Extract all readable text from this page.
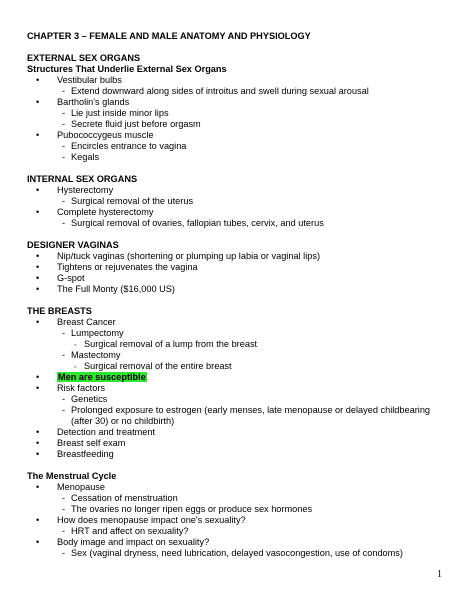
1
CHAPTER 3 – FEMALE AND MALE ANATOMY AND PHYSIOLOGY
EXTERNAL SEX ORGANS
Structures That Underlie External Sex Organs
• Vestibular bulbs
- Extend downward along sides of introitus and swell during sexual arousal
• Bartholin's glands
- Lie just inside minor lips
- Secrete fluid just before orgasm
• Pubococcygeus muscle
- Encircles entrance to vagina
- Kegals
INTERNAL SEX ORGANS
• Hysterectomy
- Surgical removal of the uterus
• Complete hysterectomy
- Surgical removal of ovaries, fallopian tubes, cervix, and uterus
DESIGNER VAGINAS
• Nip/tuck vaginas (shortening or plumping up labia or vaginal lips)
• Tightens or rejuvenates the vagina
• G-spot
• The Full Monty ($16,000 US)
THE BREASTS
• Breast Cancer
- Lumpectomy
◦ Surgical removal of a lump from the breast
- Mastectomy
◦ Surgical removal of the entire breast
• Men are susceptible
• Risk factors
- Genetics
- Prolonged exposure to estrogen (early menses, late menopause or delayed childbearing
(after 30) or no childbirth)
• Detection and treatment
• Breast self exam
• Breastfeeding
The Menstrual Cycle
• Menopause
- Cessation of menstruation
- The ovaries no longer ripen eggs or produce sex hormones
• How does menopause impact one's sexuality?
- HRT and affect on sexuality?
• Body image and impact on sexuality?
- Sex (vaginal dryness, need lubrication, delayed vasocongestion, use of condoms)
